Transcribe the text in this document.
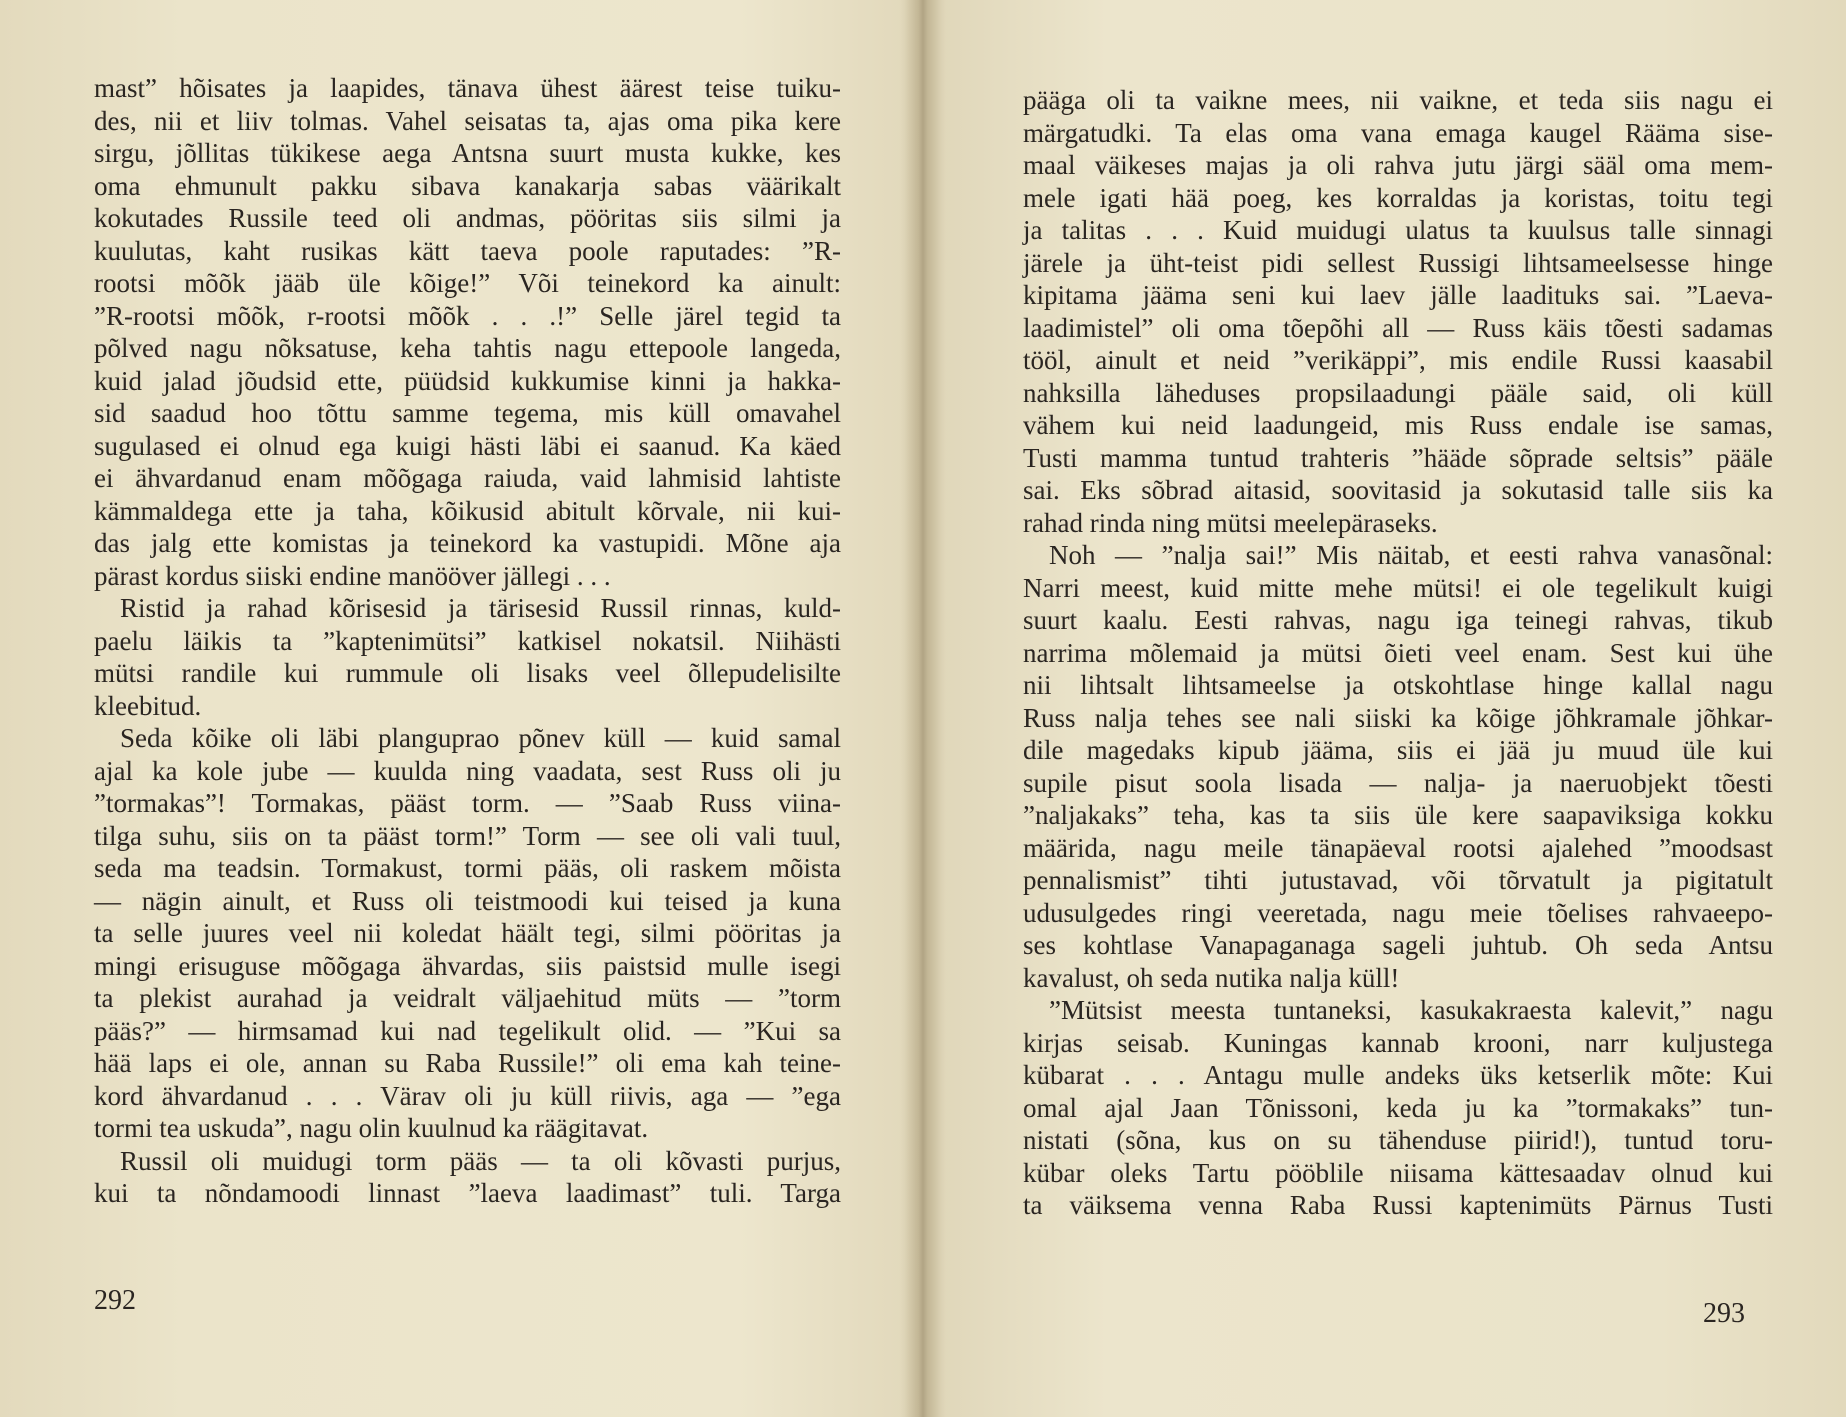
mast” hõisates ja laapides, tänava ühest äärest teise tuiku-
des, nii et liiv tolmas. Vahel seisatas ta, ajas oma pika kere
sirgu, jõllitas tükikese aega Antsna suurt musta kukke, kes
oma ehmunult pakku sibava kanakarja sabas väärikalt
kokutades Russile teed oli andmas, pööritas siis silmi ja
kuulutas, kaht rusikas kätt taeva poole raputades: ”R-
rootsi mõõk jääb üle kõige!” Või teinekord ka ainult:
”R-rootsi mõõk, r-rootsi mõõk . . .!” Selle järel tegid ta
põlved nagu nõksatuse, keha tahtis nagu ettepoole langeda,
kuid jalad jõudsid ette, püüdsid kukkumise kinni ja hakka-
sid saadud hoo tõttu samme tegema, mis küll omavahel
sugulased ei olnud ega kuigi hästi läbi ei saanud. Ka käed
ei ähvardanud enam mõõgaga raiuda, vaid lahmisid lahtiste
kämmaldega ette ja taha, kõikusid abitult kõrvale, nii kui-
das jalg ette komistas ja teinekord ka vastupidi. Mõne aja
pärast kordus siiski endine manööver jällegi . . .
Ristid ja rahad kõrisesid ja tärisesid Russil rinnas, kuld-
paelu läikis ta ”kaptenimütsi” katkisel nokatsil. Niihästi
mütsi randile kui rummule oli lisaks veel õllepudelisilte
kleebitud.
Seda kõike oli läbi planguprao põnev küll — kuid samal
ajal ka kole jube — kuulda ning vaadata, sest Russ oli ju
”tormakas”! Tormakas, pääst torm. — ”Saab Russ viina-
tilga suhu, siis on ta pääst torm!” Torm — see oli vali tuul,
seda ma teadsin. Tormakust, tormi pääs, oli raskem mõista
— nägin ainult, et Russ oli teistmoodi kui teised ja kuna
ta selle juures veel nii koledat häält tegi, silmi pööritas ja
mingi erisuguse mõõgaga ähvardas, siis paistsid mulle isegi
ta plekist aurahad ja veidralt väljaehitud müts — ”torm
pääs?” — hirmsamad kui nad tegelikult olid. — ”Kui sa
hää laps ei ole, annan su Raba Russile!” oli ema kah teine-
kord ähvardanud . . . Värav oli ju küll riivis, aga — ”ega
tormi tea uskuda”, nagu olin kuulnud ka räägitavat.
Russil oli muidugi torm pääs — ta oli kõvasti purjus,
kui ta nõndamoodi linnast ”laeva laadimast” tuli. Targa
292
pääga oli ta vaikne mees, nii vaikne, et teda siis nagu ei
märgatudki. Ta elas oma vana emaga kaugel Rääma sise-
maal väikeses majas ja oli rahva jutu järgi sääl oma mem-
mele igati hää poeg, kes korraldas ja koristas, toitu tegi
ja talitas . . . Kuid muidugi ulatus ta kuulsus talle sinnagi
järele ja üht-teist pidi sellest Russigi lihtsameelsesse hinge
kipitama jääma seni kui laev jälle laadituks sai. ”Laeva-
laadimistel” oli oma tõepõhi all — Russ käis tõesti sadamas
tööl, ainult et neid ”verikäppi”, mis endile Russi kaasabil
nahksilla läheduses propsilaadungi pääle said, oli küll
vähem kui neid laadungeid, mis Russ endale ise samas,
Tusti mamma tuntud trahteris ”hääde sõprade seltsis” pääle
sai. Eks sõbrad aitasid, soovitasid ja sokutasid talle siis ka
rahad rinda ning mütsi meelepäraseks.
Noh — ”nalja sai!” Mis näitab, et eesti rahva vanasõnal:
Narri meest, kuid mitte mehe mütsi! ei ole tegelikult kuigi
suurt kaalu. Eesti rahvas, nagu iga teinegi rahvas, tikub
narrima mõlemaid ja mütsi õieti veel enam. Sest kui ühe
nii lihtsalt lihtsameelse ja otskohtlase hinge kallal nagu
Russ nalja tehes see nali siiski ka kõige jõhkramale jõhkar-
dile magedaks kipub jääma, siis ei jää ju muud üle kui
supile pisut soola lisada — nalja- ja naeruobjekt tõesti
”naljakaks” teha, kas ta siis üle kere saapaviksiga kokku
määrida, nagu meile tänapäeval rootsi ajalehed ”moodsast
pennalismist” tihti jutustavad, või tõrvatult ja pigitatult
udusulgedes ringi veeretada, nagu meie tõelises rahvaeepo-
ses kohtlase Vanapaganaga sageli juhtub. Oh seda Antsu
kavalust, oh seda nutika nalja küll!
”Mütsist meesta tuntaneksi, kasukakraesta kalevit,” nagu
kirjas seisab. Kuningas kannab krooni, narr kuljustega
kübarat . . . Antagu mulle andeks üks ketserlik mõte: Kui
omal ajal Jaan Tõnissoni, keda ju ka ”tormakaks” tun-
nistati (sõna, kus on su tähenduse piirid!), tuntud toru-
kübar oleks Tartu pööblile niisama kättesaadav olnud kui
ta väiksema venna Raba Russi kaptenimüts Pärnus Tusti
293
